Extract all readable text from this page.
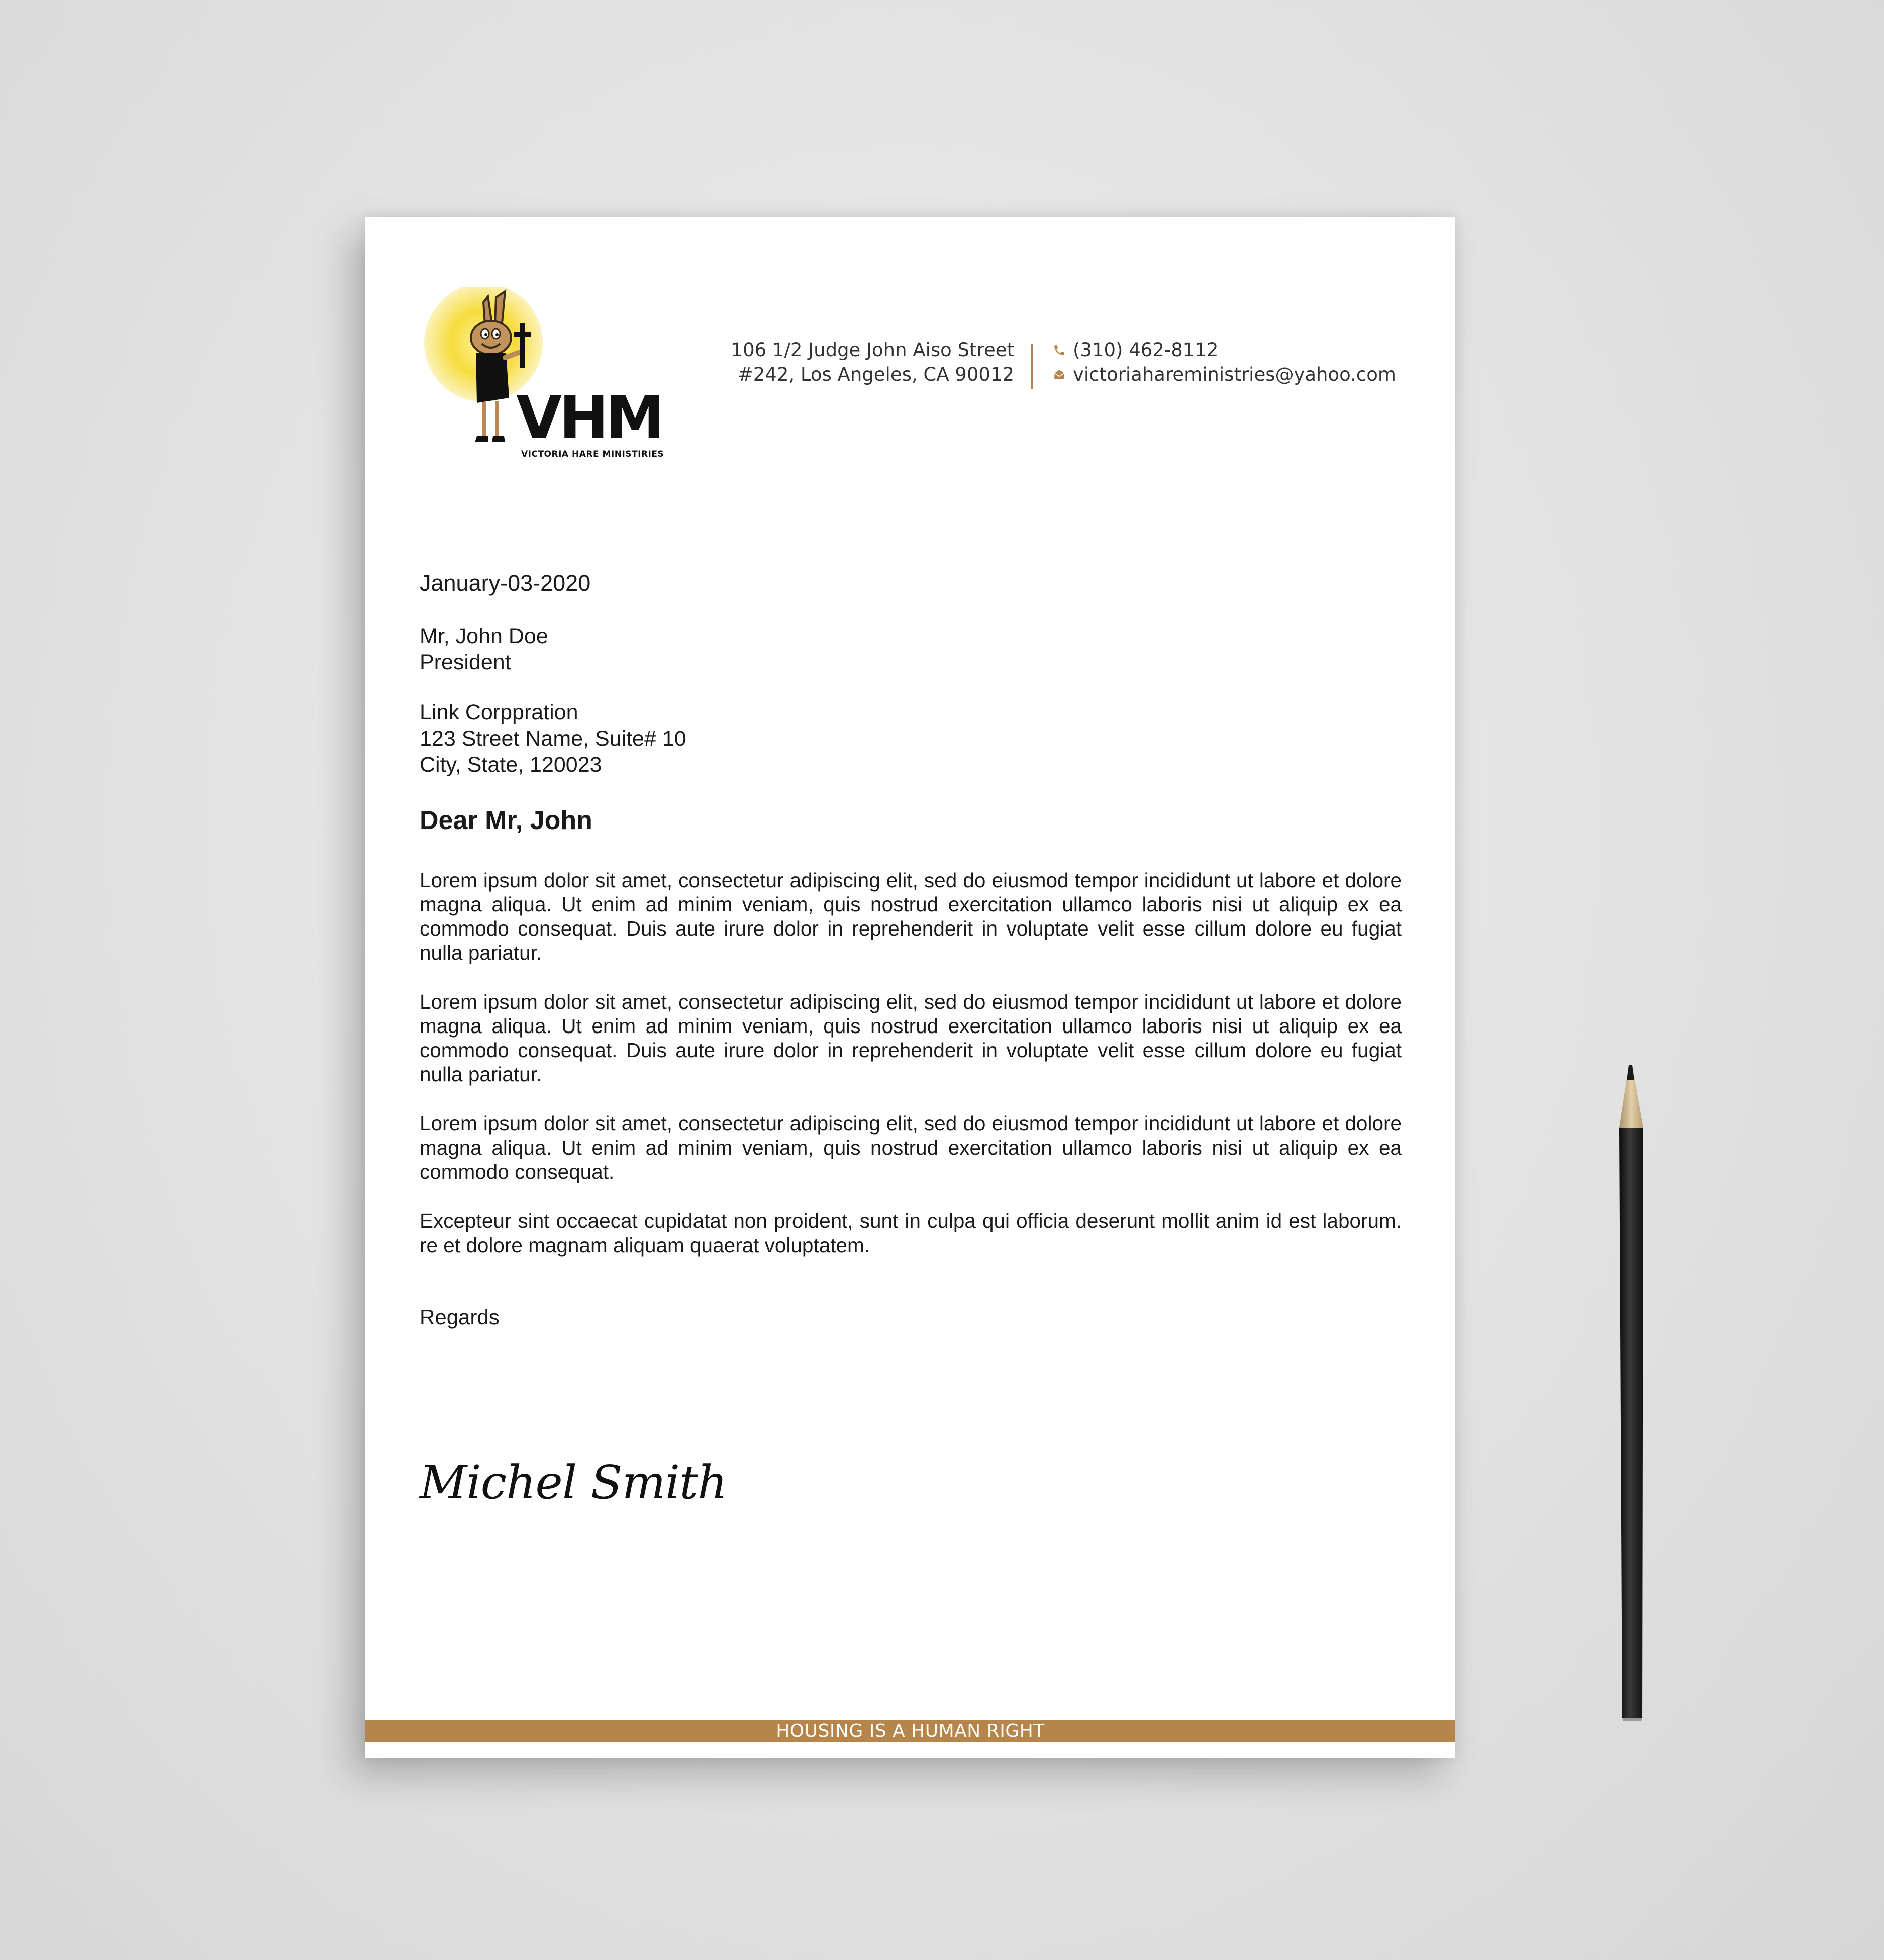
VHM
VICTORIA HARE MINISTIRIES
106 1/2 Judge John Aiso Street
#242, Los Angeles, CA 90012
(310) 462-8112
victoriahareministries@yahoo.com
January-03-2020
Mr, John Doe
President
Link Corppration
123 Street Name, Suite# 10
City, State, 120023
Dear Mr, John

Lorem ipsum dolor sit amet, consectetur adipiscing elit, sed do eiusmod tempor incididunt ut labore et dolore magna aliqua. Ut enim ad minim veniam, quis nostrud exercitation ullamco laboris nisi ut aliquip ex ea commodo consequat. Duis aute irure dolor in reprehenderit in voluptate velit esse cillum dolore eu fugiat nulla pariatur.

Lorem ipsum dolor sit amet, consectetur adipiscing elit, sed do eiusmod tempor incididunt ut labore et dolore magna aliqua. Ut enim ad minim veniam, quis nostrud exercitation ullamco laboris nisi ut aliquip ex ea commodo consequat. Duis aute irure dolor in reprehenderit in voluptate velit esse cillum dolore eu fugiat nulla pariatur.

Lorem ipsum dolor sit amet, consectetur adipiscing elit, sed do eiusmod tempor incididunt ut labore et dolore magna aliqua. Ut enim ad minim veniam, quis nostrud exercitation ullamco laboris nisi ut aliquip ex ea commodo consequat.

Excepteur sint occaecat cupidatat non proident, sunt in culpa qui officia deserunt mollit anim id est laborum. re et dolore magnam aliquam quaerat voluptatem.

Regards
Michel Smith
HOUSING IS A HUMAN RIGHT
